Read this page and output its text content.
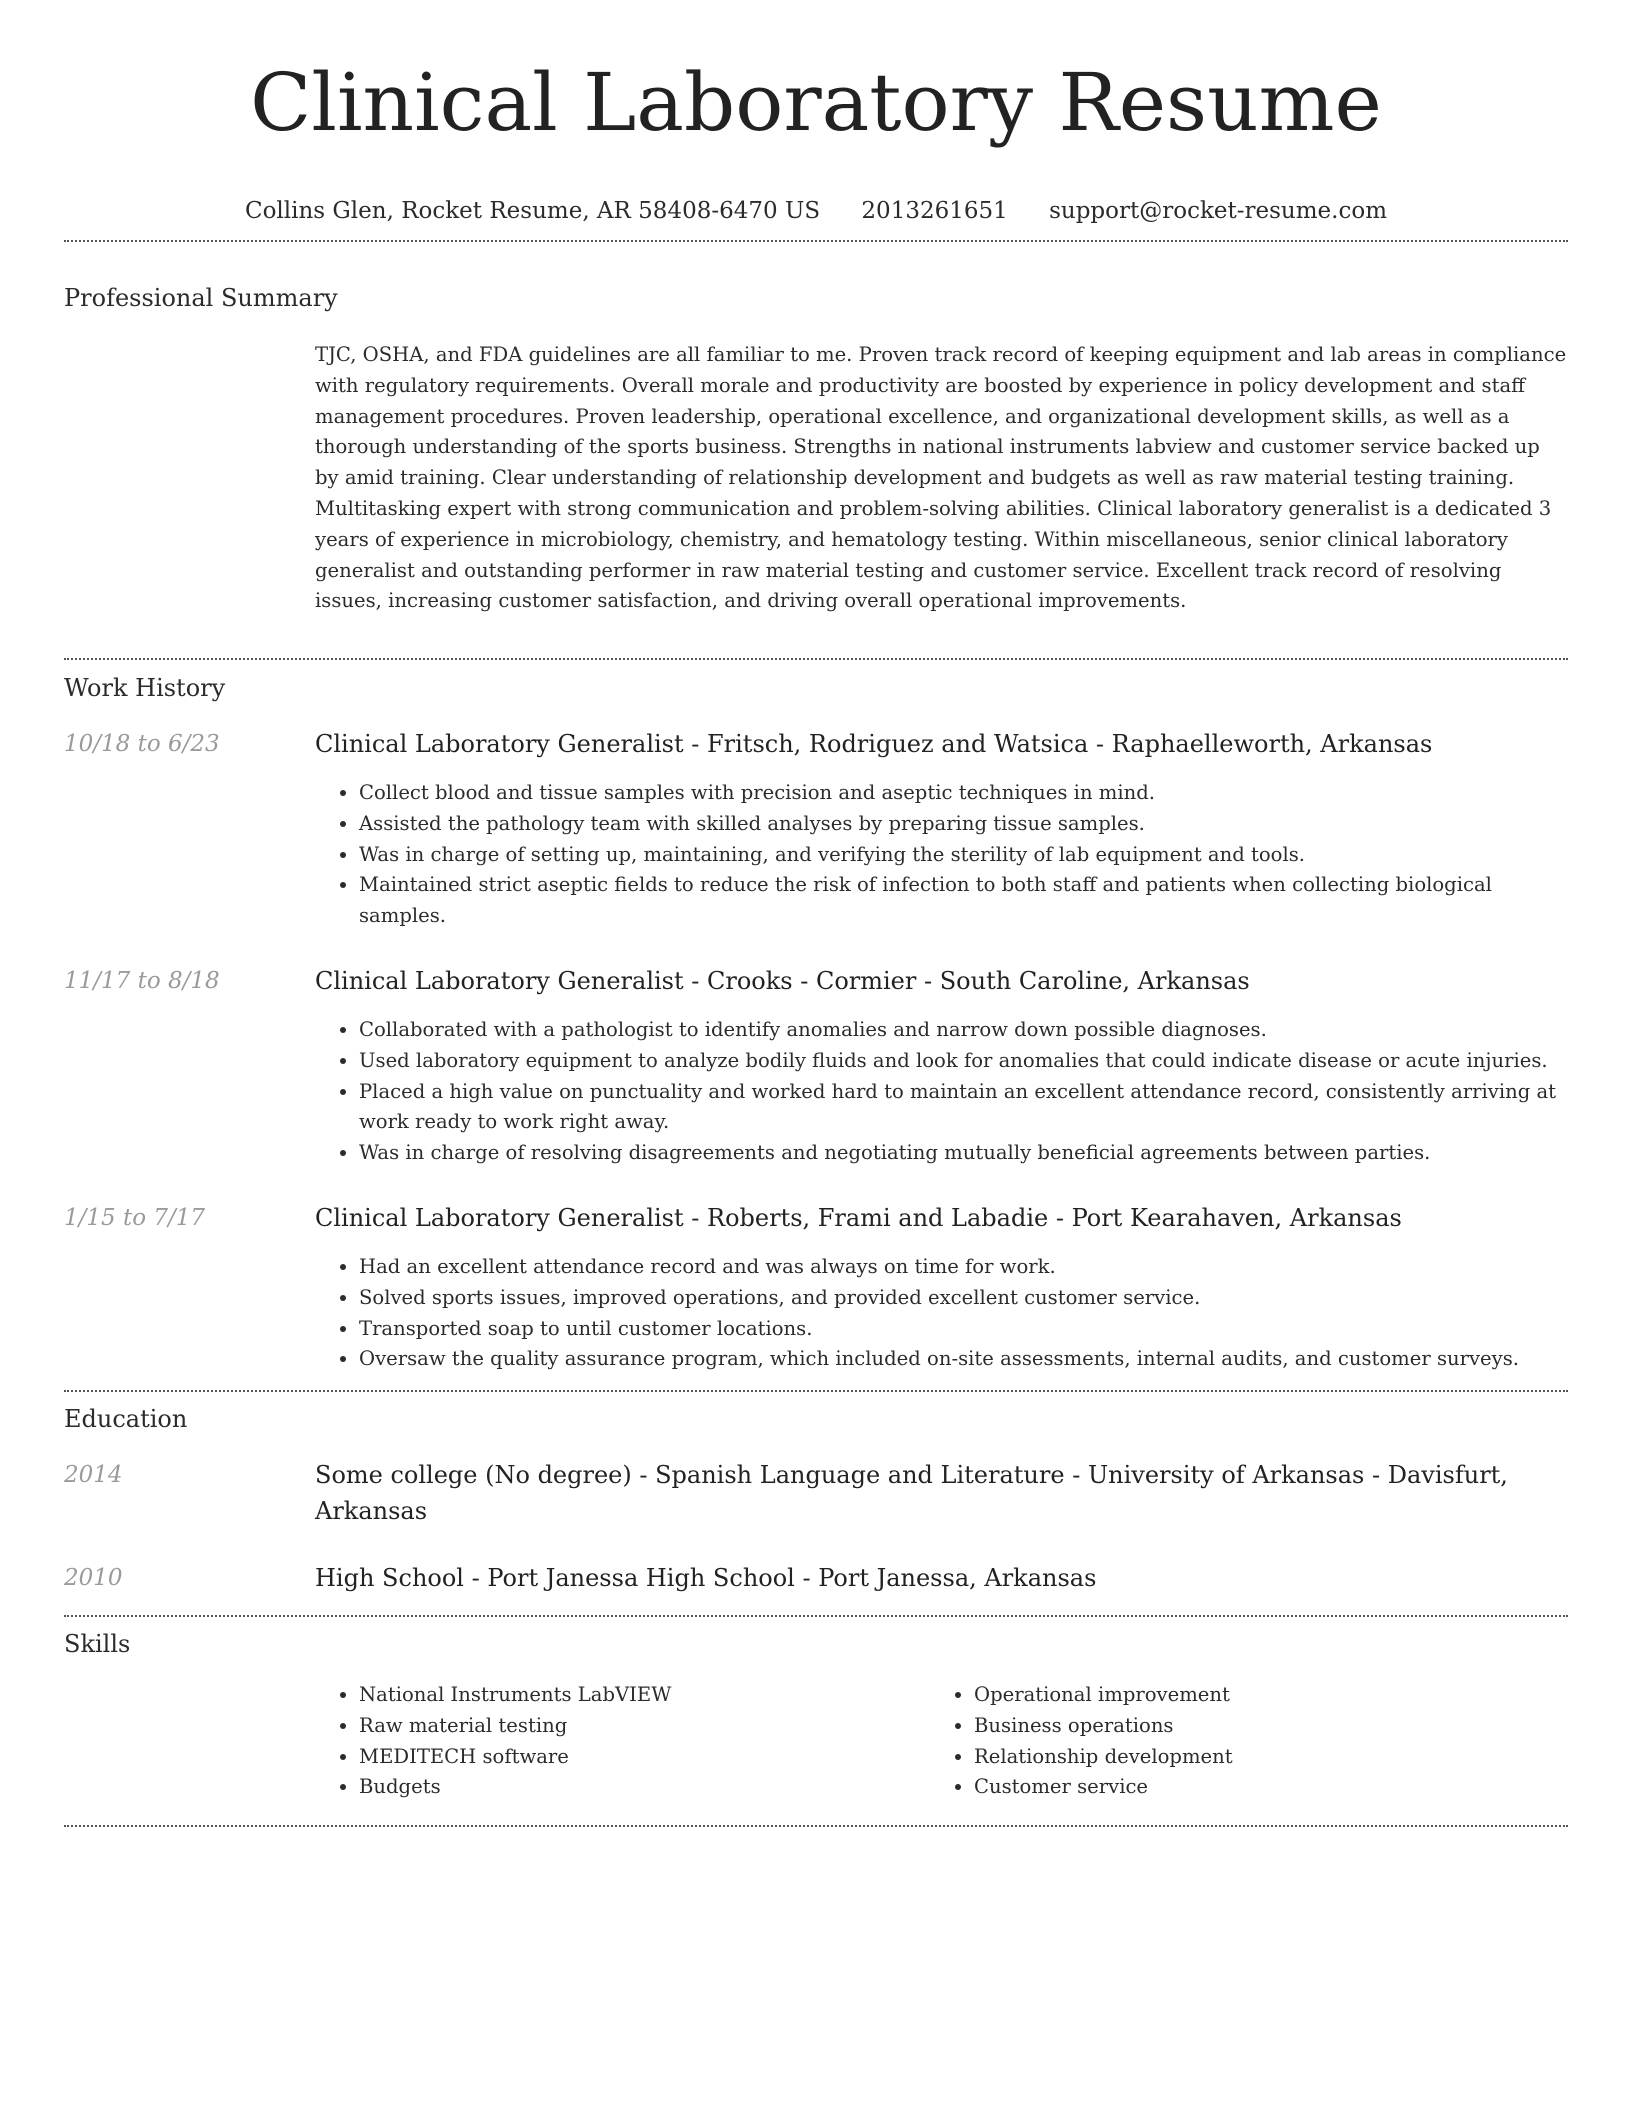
Clinical Laboratory Resume
Collins Glen, Rocket Resume, AR 58408-6470 US 2013261651 support@rocket-resume.com
Professional Summary

TJC, OSHA, and FDA guidelines are all familiar to me. Proven track record of keeping equipment and lab areas in compliance with regulatory requirements. Overall morale and productivity are boosted by experience in policy development and staff management procedures. Proven leadership, operational excellence, and organizational development skills, as well as a thorough understanding of the sports business. Strengths in national instruments labview and customer service backed up by amid training. Clear understanding of relationship development and budgets as well as raw material testing training. Multitasking expert with strong communication and problem-solving abilities. Clinical laboratory generalist is a dedicated 3 years of experience in microbiology, chemistry, and hematology testing. Within miscellaneous, senior clinical laboratory generalist and outstanding performer in raw material testing and customer service. Excellent track record of resolving issues, increasing customer satisfaction, and driving overall operational improvements.

Work History
10/18 to 6/23	Clinical Laboratory Generalist - Fritsch, Rodriguez and Watsica - Raphaelleworth, Arkansas
• Collect blood and tissue samples with precision and aseptic techniques in mind.
• Assisted the pathology team with skilled analyses by preparing tissue samples.
• Was in charge of setting up, maintaining, and verifying the sterility of lab equipment and tools.
• Maintained strict aseptic fields to reduce the risk of infection to both staff and patients when collecting biological samples.
11/17 to 8/18	Clinical Laboratory Generalist - Crooks - Cormier - South Caroline, Arkansas
• Collaborated with a pathologist to identify anomalies and narrow down possible diagnoses.
• Used laboratory equipment to analyze bodily fluids and look for anomalies that could indicate disease or acute injuries.
• Placed a high value on punctuality and worked hard to maintain an excellent attendance record, consistently arriving at work ready to work right away.
• Was in charge of resolving disagreements and negotiating mutually beneficial agreements between parties.
1/15 to 7/17	Clinical Laboratory Generalist - Roberts, Frami and Labadie - Port Kearahaven, Arkansas
• Had an excellent attendance record and was always on time for work.
• Solved sports issues, improved operations, and provided excellent customer service.
• Transported soap to until customer locations.
• Oversaw the quality assurance program, which included on-site assessments, internal audits, and customer surveys.
Education
2014	Some college (No degree) - Spanish Language and Literature - University of Arkansas - Davisfurt, Arkansas
2010	High School - Port Janessa High School - Port Janessa, Arkansas
Skills
• National Instruments LabVIEW
• Raw material testing
• MEDITECH software
• Budgets
• Operational improvement
• Business operations
• Relationship development
• Customer service
